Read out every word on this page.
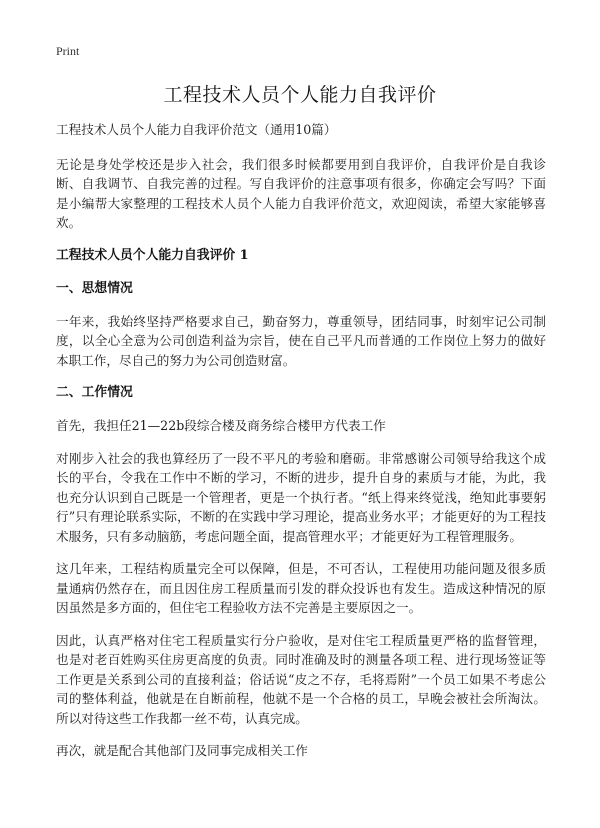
Print
工程技术人员个人能力自我评价

工程技术人员个人能力自我评价范文（通用10篇）

无论是身处学校还是步入社会，我们很多时候都要用到自我评价，自我评价是自我诊断、自我调节、自我完善的过程。写自我评价的注意事项有很多，你确定会写吗？下面是小编帮大家整理的工程技术人员个人能力自我评价范文，欢迎阅读，希望大家能够喜欢。

工程技术人员个人能力自我评价 1

一、思想情况

一年来，我始终坚持严格要求自己，勤奋努力，尊重领导，团结同事，时刻牢记公司制度，以全心全意为公司创造利益为宗旨，使在自己平凡而普通的工作岗位上努力的做好本职工作，尽自己的努力为公司创造财富。

二、工作情况

首先，我担任21—22b段综合楼及商务综合楼甲方代表工作

对刚步入社会的我也算经历了一段不平凡的考验和磨砺。非常感谢公司领导给我这个成长的平台，令我在工作中不断的学习，不断的进步，提升自身的素质与才能，为此，我也充分认识到自己既是一个管理者，更是一个执行者。“纸上得来终觉浅，绝知此事要躬行”只有理论联系实际，不断的在实践中学习理论，提高业务水平；才能更好的为工程技术服务，只有多动脑筋，考虑问题全面，提高管理水平；才能更好为工程管理服务。

这几年来，工程结构质量完全可以保障，但是，不可否认，工程使用功能问题及很多质量通病仍然存在，而且因住房工程质量而引发的群众投诉也有发生。造成这种情况的原因虽然是多方面的，但住宅工程验收方法不完善是主要原因之一。

因此，认真严格对住宅工程质量实行分户验收，是对住宅工程质量更严格的监督管理，也是对老百姓购买住房更高度的负责。同时准确及时的测量各项工程、进行现场签证等工作更是关系到公司的直接利益；俗话说“皮之不存，毛将焉附”一个员工如果不考虑公司的整体利益，他就是在自断前程，他就不是一个合格的员工，早晚会被社会所淘汰。所以对待这些工作我都一丝不苟，认真完成。

再次，就是配合其他部门及同事完成相关工作
